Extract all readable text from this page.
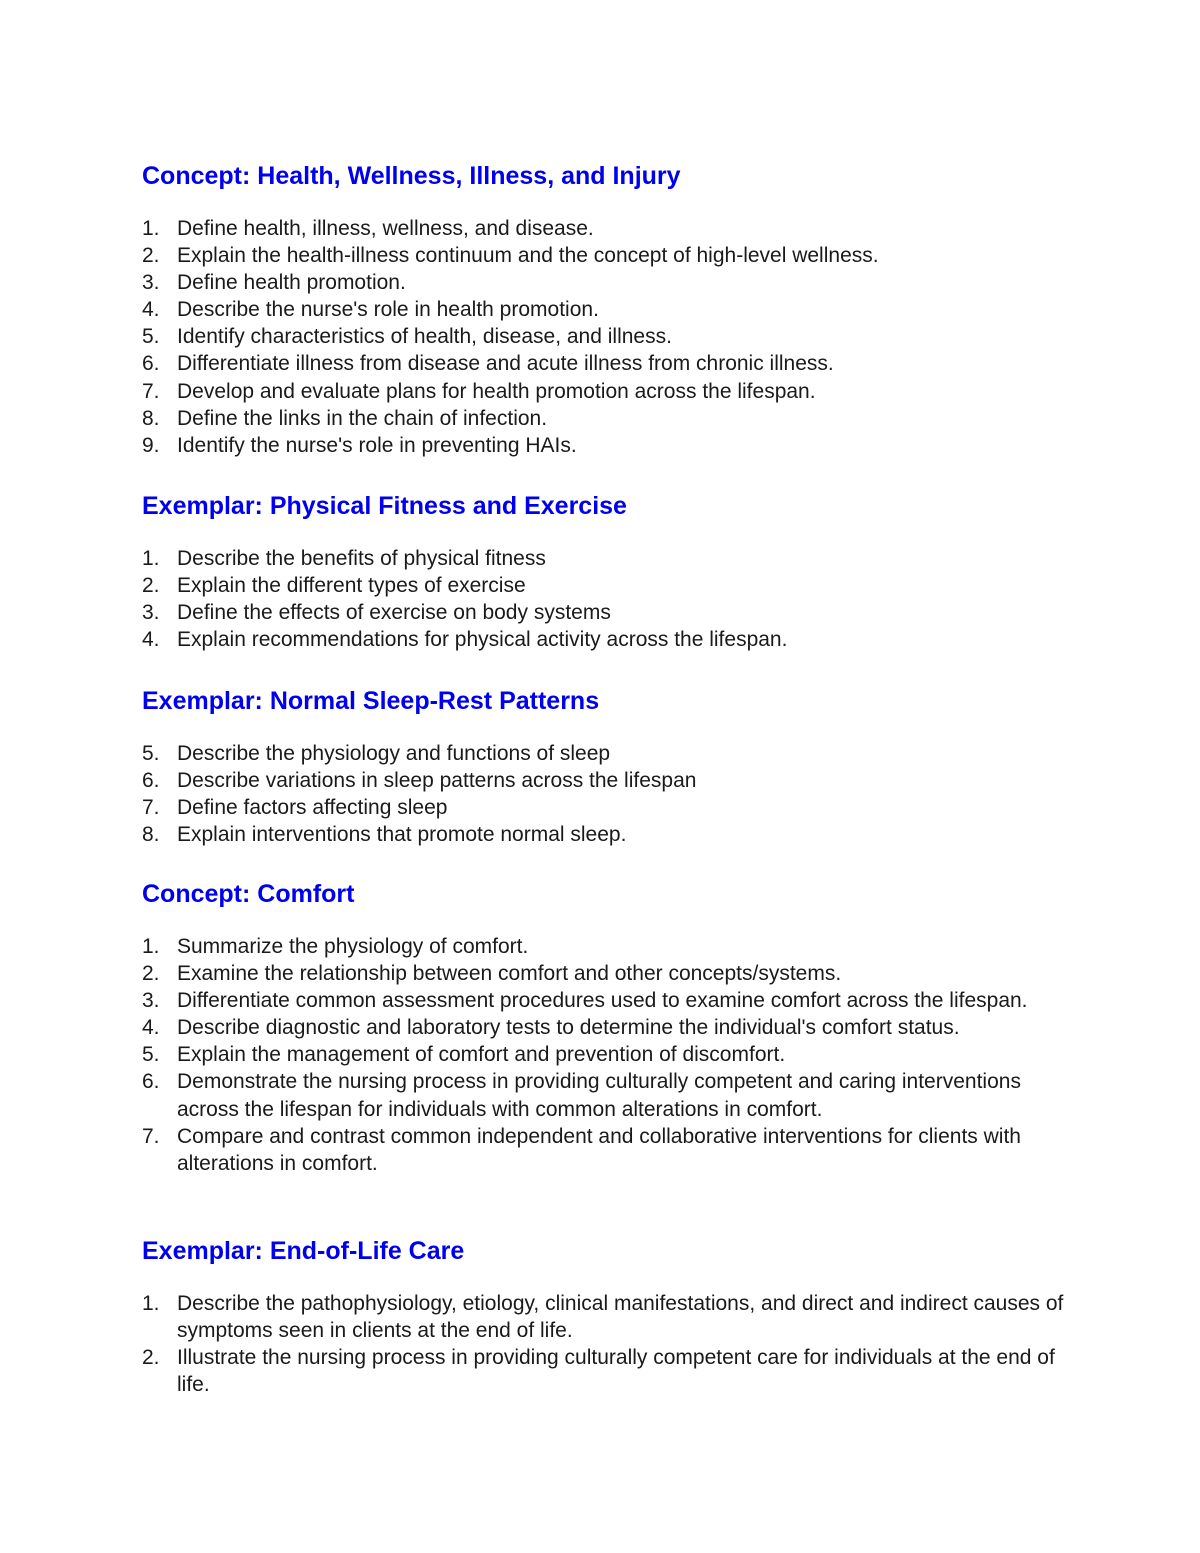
Concept: Health, Wellness, Illness, and Injury
1. Define health, illness, wellness, and disease.
2. Explain the health-illness continuum and the concept of high-level wellness.
3. Define health promotion.
4. Describe the nurse's role in health promotion.
5. Identify characteristics of health, disease, and illness.
6. Differentiate illness from disease and acute illness from chronic illness.
7. Develop and evaluate plans for health promotion across the lifespan.
8. Define the links in the chain of infection.
9. Identify the nurse's role in preventing HAIs.
Exemplar: Physical Fitness and Exercise
1. Describe the benefits of physical fitness
2. Explain the different types of exercise
3. Define the effects of exercise on body systems
4. Explain recommendations for physical activity across the lifespan.
Exemplar: Normal Sleep-Rest Patterns
5. Describe the physiology and functions of sleep
6. Describe variations in sleep patterns across the lifespan
7. Define factors affecting sleep
8. Explain interventions that promote normal sleep.
Concept: Comfort
1. Summarize the physiology of comfort.
2. Examine the relationship between comfort and other concepts/systems.
3. Differentiate common assessment procedures used to examine comfort across the lifespan.
4. Describe diagnostic and laboratory tests to determine the individual's comfort status.
5. Explain the management of comfort and prevention of discomfort.
6. Demonstrate the nursing process in providing culturally competent and caring interventions across the lifespan for individuals with common alterations in comfort.
7. Compare and contrast common independent and collaborative interventions for clients with alterations in comfort.
Exemplar: End-of-Life Care
1. Describe the pathophysiology, etiology, clinical manifestations, and direct and indirect causes of symptoms seen in clients at the end of life.
2. Illustrate the nursing process in providing culturally competent care for individuals at the end of life.
